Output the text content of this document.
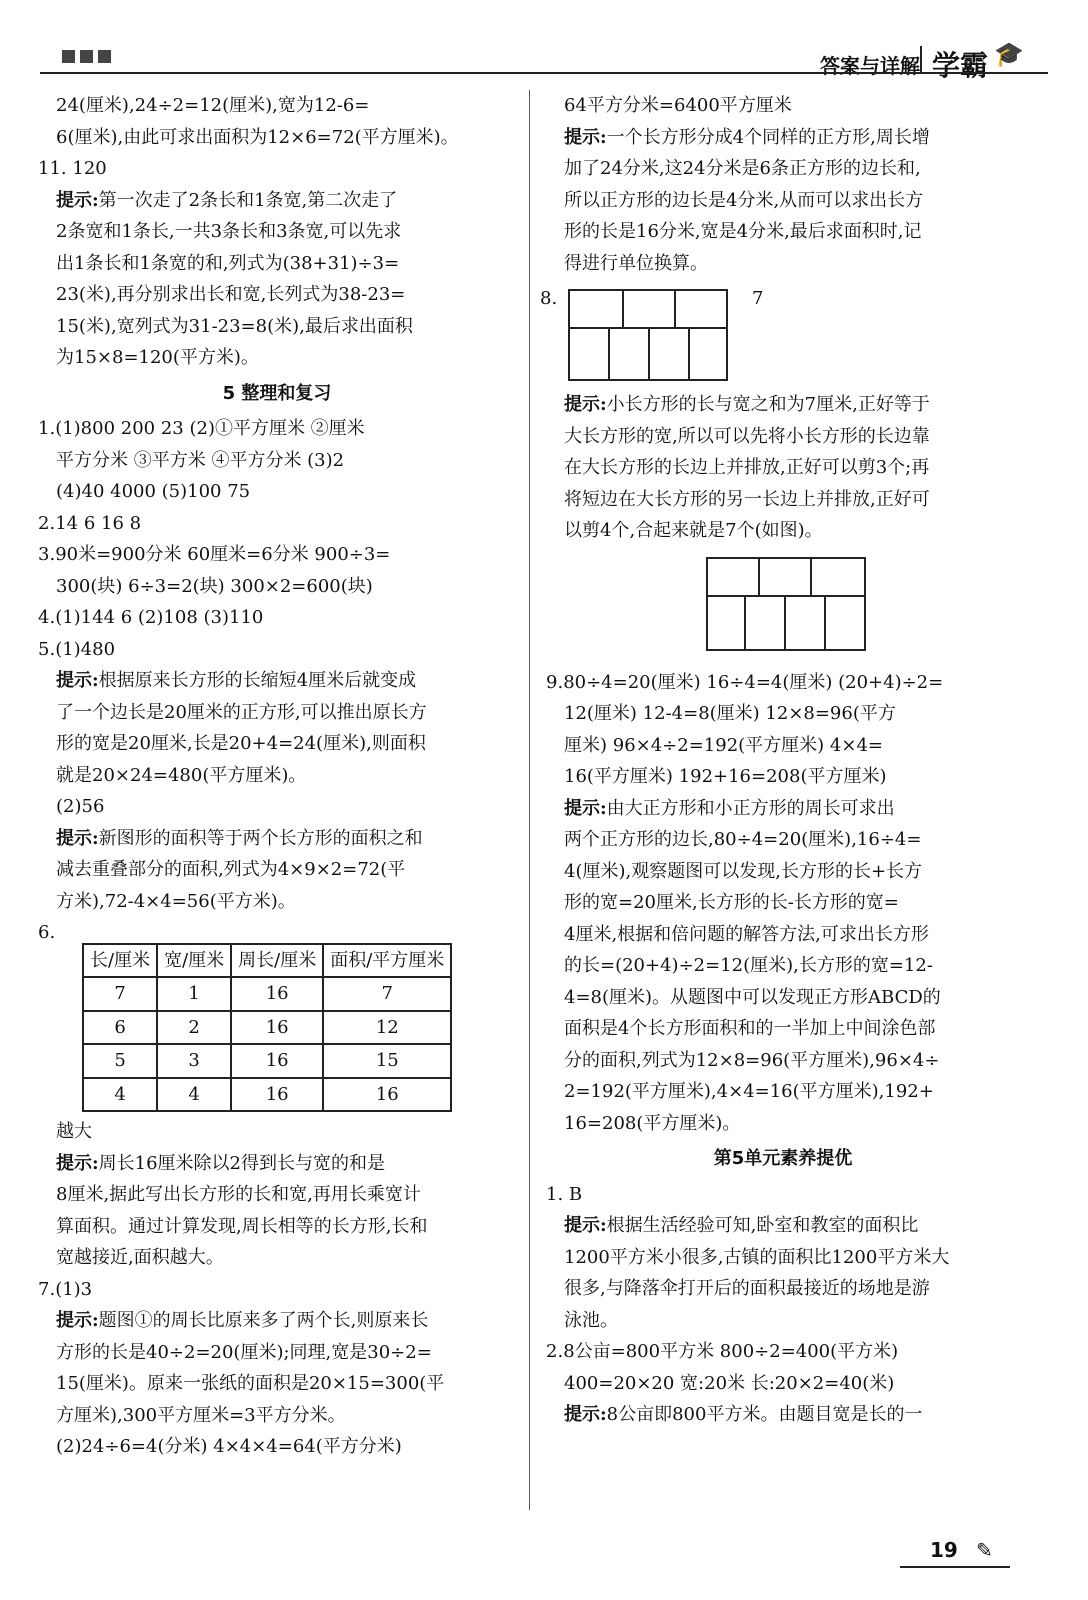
答案与详解 学霸 🎓
24(厘米),24÷2=12(厘米),宽为12-6=
6(厘米),由此可求出面积为12×6=72(平方厘米)。
11. 120
提示:第一次走了2条长和1条宽,第二次走了
2条宽和1条长,一共3条长和3条宽,可以先求
出1条长和1条宽的和,列式为(38+31)÷3=
23(米),再分别求出长和宽,长列式为38-23=
15(米),宽列式为31-23=8(米),最后求出面积
为15×8=120(平方米)。
5 整理和复习
1.(1)800 200 23 (2)①平方厘米 ②厘米
平方分米 ③平方米 ④平方分米 (3)2
(4)40 4000 (5)100 75
2.14 6 16 8
3.90米=900分米 60厘米=6分米 900÷3=
300(块) 6÷3=2(块) 300×2=600(块)
4.(1)144 6 (2)108 (3)110
5.(1)480
提示:根据原来长方形的长缩短4厘米后就变成
了一个边长是20厘米的正方形,可以推出原长方
形的宽是20厘米,长是20+4=24(厘米),则面积
就是20×24=480(平方厘米)。
(2)56
提示:新图形的面积等于两个长方形的面积之和
减去重叠部分的面积,列式为4×9×2=72(平
方米),72-4×4=56(平方米)。
6.
长/厘米	宽/厘米	周长/厘米	面积/平方厘米
7	1	16	7
6	2	16	12
5	3	16	15
4	4	16	16
越大
提示:周长16厘米除以2得到长与宽的和是
8厘米,据此写出长方形的长和宽,再用长乘宽计
算面积。通过计算发现,周长相等的长方形,长和
宽越接近,面积越大。
7.(1)3
提示:题图①的周长比原来多了两个长,则原来长
方形的长是40÷2=20(厘米);同理,宽是30÷2=
15(厘米)。原来一张纸的面积是20×15=300(平
方厘米),300平方厘米=3平方分米。
(2)24÷6=4(分米) 4×4×4=64(平方分米)
64平方分米=6400平方厘米
提示:一个长方形分成4个同样的正方形,周长增
加了24分米,这24分米是6条正方形的边长和,
所以正方形的边长是4分米,从而可以求出长方
形的长是16分米,宽是4分米,最后求面积时,记
得进行单位换算。
8.	7
提示:小长方形的长与宽之和为7厘米,正好等于
大长方形的宽,所以可以先将小长方形的长边靠
在大长方形的长边上并排放,正好可以剪3个;再
将短边在大长方形的另一长边上并排放,正好可
以剪4个,合起来就是7个(如图)。
9.80÷4=20(厘米) 16÷4=4(厘米) (20+4)÷2=
12(厘米) 12-4=8(厘米) 12×8=96(平方
厘米) 96×4÷2=192(平方厘米) 4×4=
16(平方厘米) 192+16=208(平方厘米)
提示:由大正方形和小正方形的周长可求出
两个正方形的边长,80÷4=20(厘米),16÷4=
4(厘米),观察题图可以发现,长方形的长+长方
形的宽=20厘米,长方形的长-长方形的宽=
4厘米,根据和倍问题的解答方法,可求出长方形
的长=(20+4)÷2=12(厘米),长方形的宽=12-
4=8(厘米)。从题图中可以发现正方形ABCD的
面积是4个长方形面积和的一半加上中间涂色部
分的面积,列式为12×8=96(平方厘米),96×4÷
2=192(平方厘米),4×4=16(平方厘米),192+
16=208(平方厘米)。
第5单元素养提优
1. B
提示:根据生活经验可知,卧室和教室的面积比
1200平方米小很多,古镇的面积比1200平方米大
很多,与降落伞打开后的面积最接近的场地是游
泳池。
2.8公亩=800平方米 800÷2=400(平方米)
400=20×20 宽:20米 长:20×2=40(米)
提示:8公亩即800平方米。由题目宽是长的一
19 ✎
